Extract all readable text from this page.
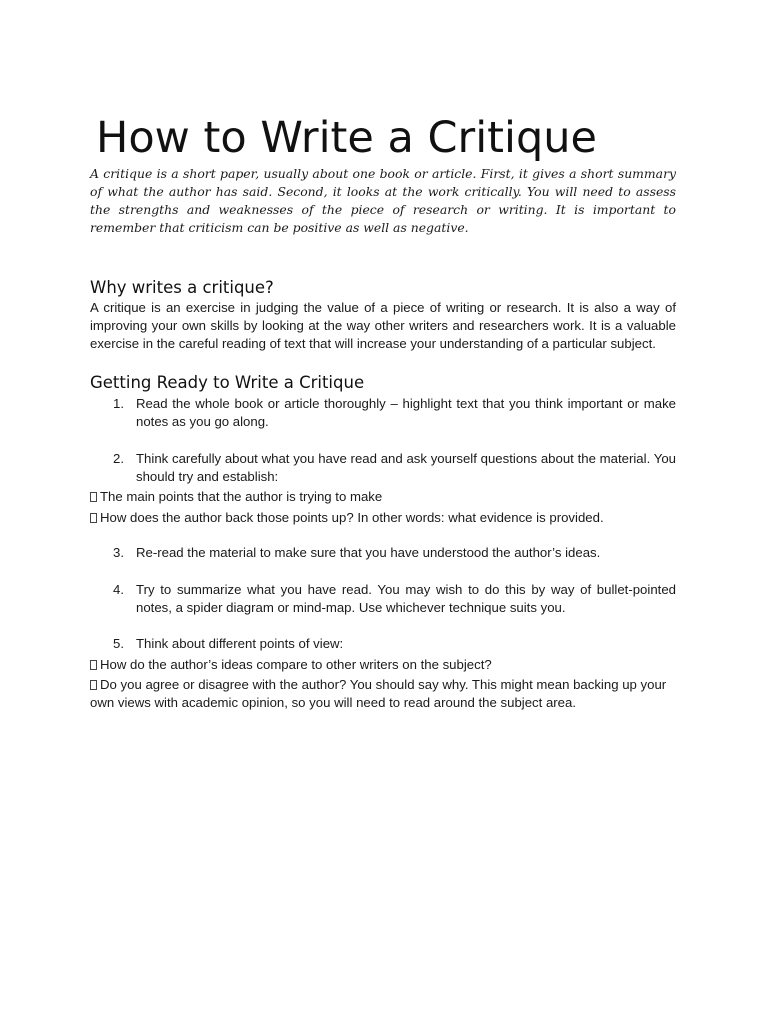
How to Write a Critique

A critique is a short paper, usually about one book or article. First, it gives a short summary of what the author has said. Second, it looks at the work critically. You will need to assess the strengths and weaknesses of the piece of research or writing. It is important to remember that criticism can be positive as well as negative.

Why writes a critique?

A critique is an exercise in judging the value of a piece of writing or research. It is also a way of improving your own skills by looking at the way other writers and researchers work. It is a valuable exercise in the careful reading of text that will increase your understanding of a particular subject.

Getting Ready to Write a Critique
1. Read the whole book or article thoroughly – highlight text that you think important or make notes as you go along.

2. Think carefully about what you have read and ask yourself questions about the material. You should try and establish:

The main points that the author is trying to make

How does the author back those points up? In other words: what evidence is provided.

3. Re-read the material to make sure that you have understood the author’s ideas.

4. Try to summarize what you have read. You may wish to do this by way of bullet-pointed notes, a spider diagram or mind-map. Use whichever technique suits you.

5. Think about different points of view:

How do the author’s ideas compare to other writers on the subject?

Do you agree or disagree with the author? You should say why. This might mean backing up your own views with academic opinion, so you will need to read around the subject area.
